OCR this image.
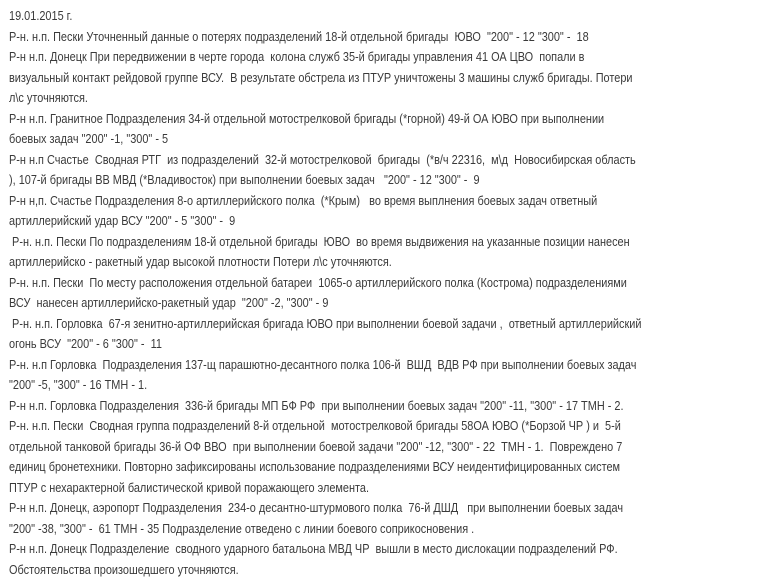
19.01.2015 г.
Р-н. н.п. Пески Уточненный данные о потерях подразделений 18-й отдельной бригады  ЮВО  "200" - 12 "300" -  18
Р-н н.п. Донецк При передвижении в черте города  колона служб 35-й бригады управления 41 ОА ЦВО  попали в
визуальный контакт рейдовой группе ВСУ.  В результате обстрела из ПТУР уничтожены 3 машины служб бригады. Потери
л\с уточняются.
Р-н н.п. Гранитное Подразделения 34-й отдельной мотострелковой бригады (*горной) 49-й ОА ЮВО при выполнении
боевых задач "200" -1, "300" - 5
Р-н н.п Счастье  Сводная РТГ  из подразделений  32-й мотострелковой  бригады  (*в/ч 22316,  м\д  Новосибирская область
), 107-й бригады ВВ МВД (*Владивосток) при выполнении боевых задач   "200" - 12 "300" -  9
Р-н н,п. Счастье Подразделения 8-о артиллерийского полка  (*Крым)   во время выплнения боевых задач ответный
артиллерийский удар ВСУ "200" - 5 "300" -  9
Р-н. н.п. Пески По подразделениям 18-й отдельной бригады  ЮВО  во время выдвижения на указанные позиции нанесен
артиллерийско - ракетный удар высокой плотности Потери л\с уточняются.
Р-н. н.п. Пески  По месту расположения отдельной батареи  1065-о артиллерийского полка (Кострома) подразделениями
ВСУ  нанесен артиллерийско-ракетный удар  "200" -2, "300" - 9
Р-н. н.п. Горловка  67-я зенитно-артиллерийская бригада ЮВО при выполнении боевой задачи ,  ответный артиллерийский
огонь ВСУ  "200" - 6 "300" -  11
Р-н. н.п Горловка  Подразделения 137-щ парашютно-десантного полка 106-й  ВШД  ВДВ РФ при выполнении боевых задач
"200" -5, "300" - 16 ТМН - 1.
Р-н н.п. Горловка Подразделения  336-й бригады МП БФ РФ  при выполнении боевых задач "200" -11, "300" - 17 ТМН - 2.
Р-н. н.п. Пески  Сводная группа подразделений 8-й отдельной  мотострелковой бригады 58ОА ЮВО (*Борзой ЧР ) и  5-й
отдельной танковой бригады 36-й ОФ ВВО  при выполнении боевой задачи "200" -12, "300" - 22  ТМН - 1.  Повреждено 7
единиц бронетехники. Повторно зафиксированы использование подразделениями ВСУ неидентифицированных систем
ПТУР с нехарактерной балистической кривой поражающего элемента.
Р-н н.п. Донецк, аэропорт Подразделения  234-о десантно-штурмового полка  76-й ДШД   при выполнении боевых задач
"200" -38, "300" -  61 ТМН - 35 Подразделение отведено с линии боевого соприкосновения .
Р-н н.п. Донецк Подразделение  сводного ударного батальона МВД ЧР  вышли в место дислокации подразделений РФ.
Обстоятельства произошедшего уточняются.
